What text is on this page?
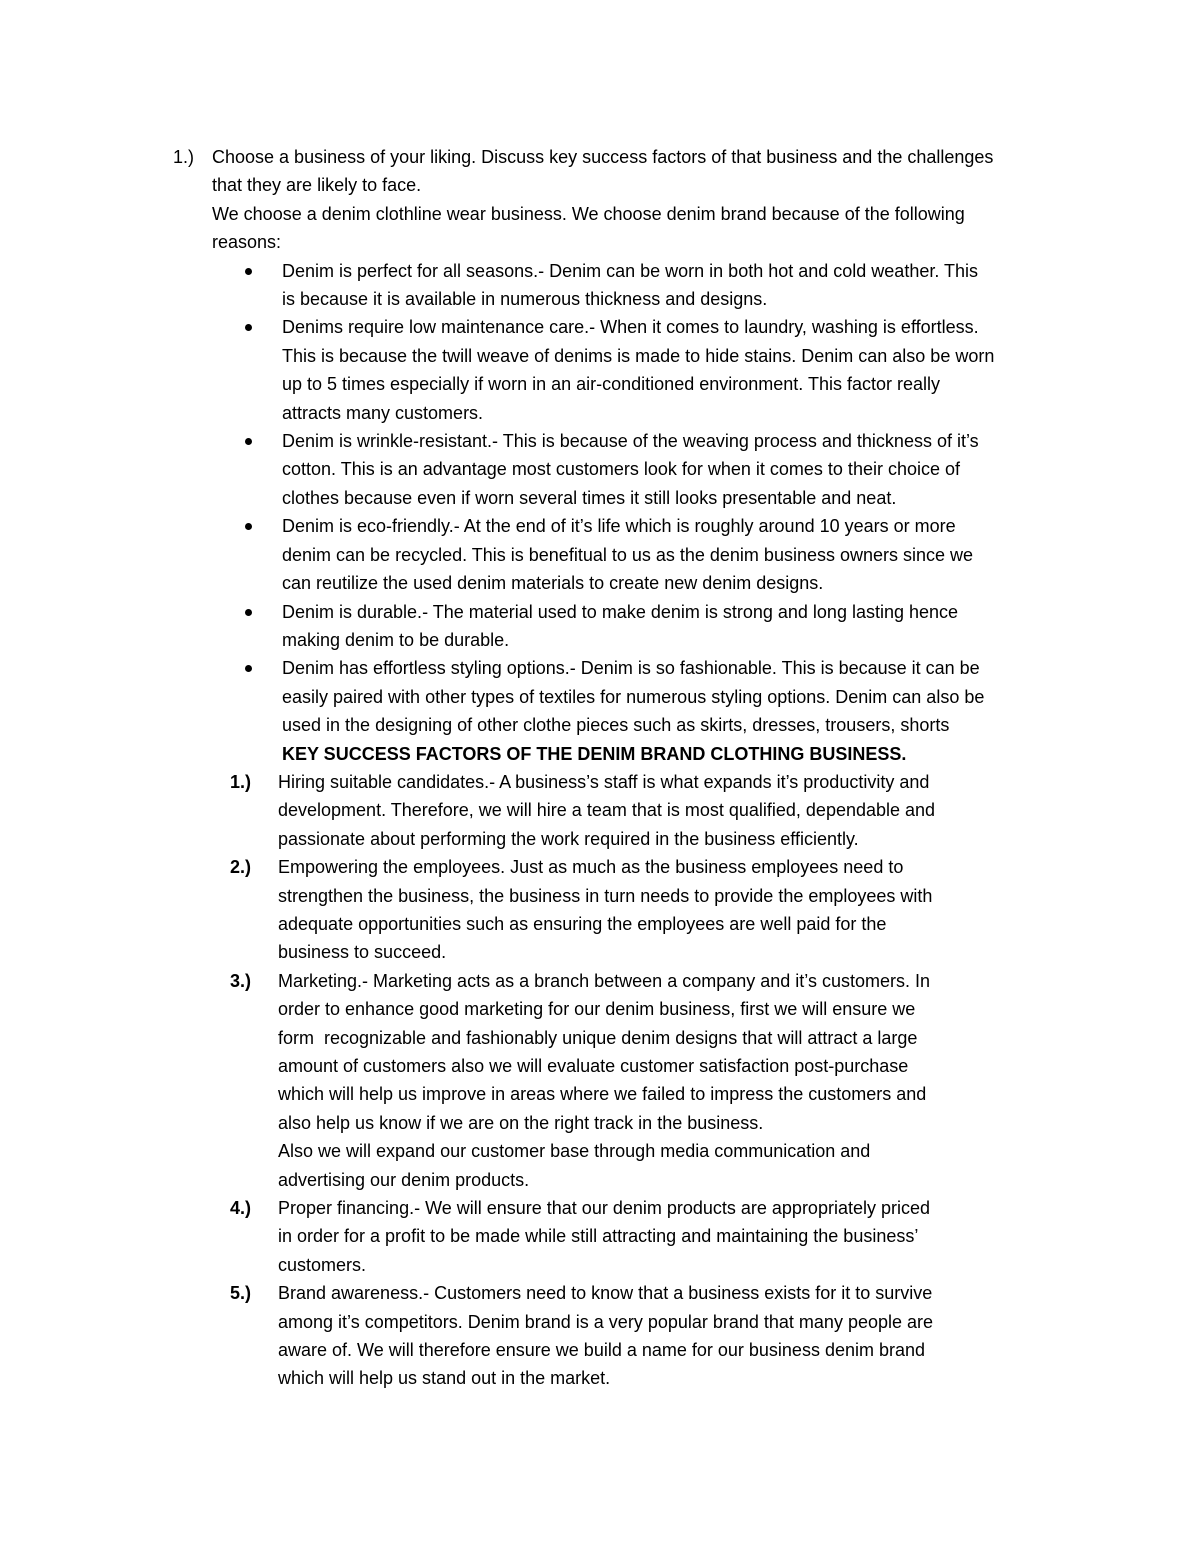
1.) Choose a business of your liking. Discuss key success factors of that business and the challenges
that they are likely to face.
We choose a denim clothline wear business. We choose denim brand because of the following
reasons:
Denim is perfect for all seasons.- Denim can be worn in both hot and cold weather. This
is because it is available in numerous thickness and designs.
Denims require low maintenance care.- When it comes to laundry, washing is effortless.
This is because the twill weave of denims is made to hide stains. Denim can also be worn
up to 5 times especially if worn in an air-conditioned environment. This factor really
attracts many customers.
Denim is wrinkle-resistant.- This is because of the weaving process and thickness of it’s
cotton. This is an advantage most customers look for when it comes to their choice of
clothes because even if worn several times it still looks presentable and neat.
Denim is eco-friendly.- At the end of it’s life which is roughly around 10 years or more
denim can be recycled. This is benefitual to us as the denim business owners since we
can reutilize the used denim materials to create new denim designs.
Denim is durable.- The material used to make denim is strong and long lasting hence
making denim to be durable.
Denim has effortless styling options.- Denim is so fashionable. This is because it can be
easily paired with other types of textiles for numerous styling options. Denim can also be
used in the designing of other clothe pieces such as skirts, dresses, trousers, shorts
KEY SUCCESS FACTORS OF THE DENIM BRAND CLOTHING BUSINESS.
1.) Hiring suitable candidates.- A business’s staff is what expands it’s productivity and
development. Therefore, we will hire a team that is most qualified, dependable and
passionate about performing the work required in the business efficiently.
2.) Empowering the employees. Just as much as the business employees need to
strengthen the business, the business in turn needs to provide the employees with
adequate opportunities such as ensuring the employees are well paid for the
business to succeed.
3.) Marketing.- Marketing acts as a branch between a company and it’s customers. In
order to enhance good marketing for our denim business, first we will ensure we
form  recognizable and fashionably unique denim designs that will attract a large
amount of customers also we will evaluate customer satisfaction post-purchase
which will help us improve in areas where we failed to impress the customers and
also help us know if we are on the right track in the business.
Also we will expand our customer base through media communication and
advertising our denim products.
4.) Proper financing.- We will ensure that our denim products are appropriately priced
in order for a profit to be made while still attracting and maintaining the business’
customers.
5.) Brand awareness.- Customers need to know that a business exists for it to survive
among it’s competitors. Denim brand is a very popular brand that many people are
aware of. We will therefore ensure we build a name for our business denim brand
which will help us stand out in the market.
